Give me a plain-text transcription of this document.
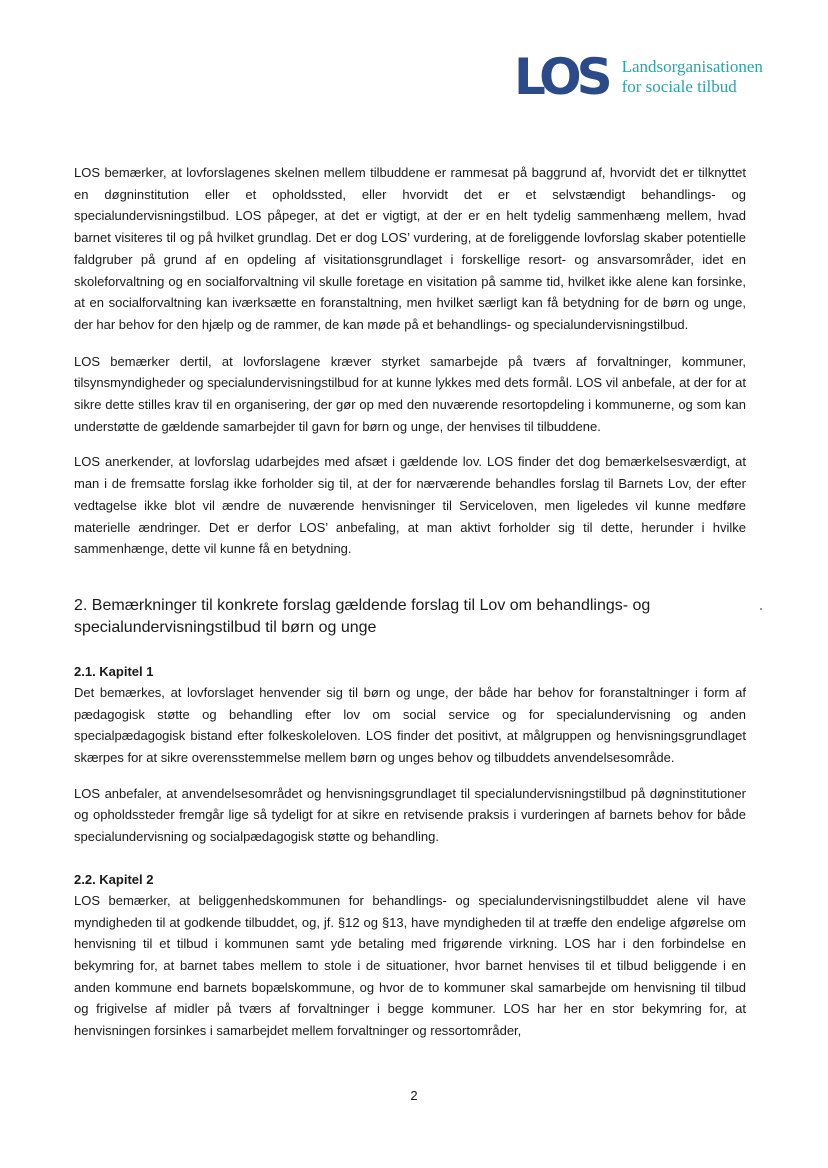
LOS Landsorganisationen
for sociale tilbud

LOS bemærker, at lovforslagenes skelnen mellem tilbuddene er rammesat på baggrund af, hvorvidt det er tilknyttet en døgninstitution eller et opholdssted, eller hvorvidt det er et selvstændigt behandlings- og specialundervisningstilbud. LOS påpeger, at det er vigtigt, at der er en helt tydelig sammenhæng mellem, hvad barnet visiteres til og på hvilket grundlag. Det er dog LOS’ vurdering, at de foreliggende lovforslag skaber potentielle faldgruber på grund af en opdeling af visitationsgrundlaget i forskellige resort- og ansvarsområder, idet en skoleforvaltning og en socialforvaltning vil skulle foretage en visitation på samme tid, hvilket ikke alene kan forsinke, at en socialforvaltning kan iværksætte en foranstaltning, men hvilket særligt kan få betydning for de børn og unge, der har behov for den hjælp og de rammer, de kan møde på et behandlings- og specialundervisningstilbud.

LOS bemærker dertil, at lovforslagene kræver styrket samarbejde på tværs af forvaltninger, kommuner, tilsynsmyndigheder og specialundervisningstilbud for at kunne lykkes med dets formål. LOS vil anbefale, at der for at sikre dette stilles krav til en organisering, der gør op med den nuværende resortopdeling i kommunerne, og som kan understøtte de gældende samarbejder til gavn for børn og unge, der henvises til tilbuddene.

LOS anerkender, at lovforslag udarbejdes med afsæt i gældende lov. LOS finder det dog bemærkelsesværdigt, at man i de fremsatte forslag ikke forholder sig til, at der for nærværende behandles forslag til Barnets Lov, der efter vedtagelse ikke blot vil ændre de nuværende henvisninger til Serviceloven, men ligeledes vil kunne medføre materielle ændringer. Det er derfor LOS’ anbefaling, at man aktivt forholder sig til dette, herunder i hvilke sammenhænge, dette vil kunne få en betydning.

2. Bemærkninger til konkrete forslag gældende forslag til Lov om behandlings- og specialundervisningstilbud til børn og unge
2.1. Kapitel 1

Det bemærkes, at lovforslaget henvender sig til børn og unge, der både har behov for foranstaltninger i form af pædagogisk støtte og behandling efter lov om social service og for specialundervisning og anden specialpædagogisk bistand efter folkeskoleloven. LOS finder det positivt, at målgruppen og henvisningsgrundlaget skærpes for at sikre overensstemmelse mellem børn og unges behov og tilbuddets anvendelsesområde.

LOS anbefaler, at anvendelsesområdet og henvisningsgrundlaget til specialundervisningstilbud på døgninstitutioner og opholdssteder fremgår lige så tydeligt for at sikre en retvisende praksis i vurderingen af barnets behov for både specialundervisning og socialpædagogisk støtte og behandling.

2.2. Kapitel 2

LOS bemærker, at beliggenhedskommunen for behandlings- og specialundervisningstilbuddet alene vil have myndigheden til at godkende tilbuddet, og, jf. §12 og §13, have myndigheden til at træffe den endelige afgørelse om henvisning til et tilbud i kommunen samt yde betaling med frigørende virkning. LOS har i den forbindelse en bekymring for, at barnet tabes mellem to stole i de situationer, hvor barnet henvises til et tilbud beliggende i en anden kommune end barnets bopælskommune, og hvor de to kommuner skal samarbejde om henvisning til tilbud og frigivelse af midler på tværs af forvaltninger i begge kommuner. LOS har her en stor bekymring for, at henvisningen forsinkes i samarbejdet mellem forvaltninger og ressortområder,

2
